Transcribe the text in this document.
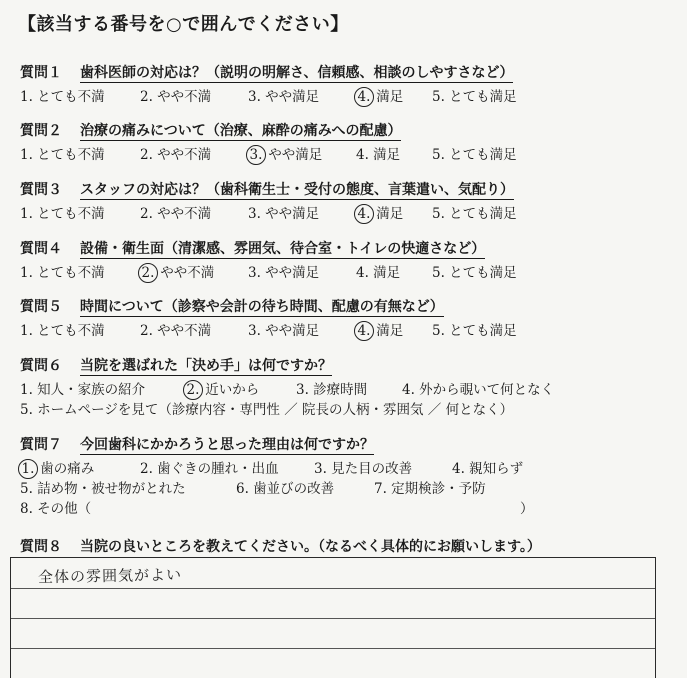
【該当する番号を○で囲んでください】
質問１ 歯科医師の対応は？（説明の明解さ、信頼感、相談のしやすさなど）
1. とても不満	2. やや不満	3. やや満足	4. 満足 5. とても満足
質問２ 治療の痛みについて（治療、麻酔の痛みへの配慮）
1. とても不満	2. やや不満	3. やや満足 4. 満足 5. とても満足
質問３ スタッフの対応は？（歯科衛生士・受付の態度、言葉遣い、気配り）
1. とても不満	2. やや不満	3. やや満足	4. 満足 5. とても満足
質問４ 設備・衛生面（清潔感、雰囲気、待合室・トイレの快適さなど）
1. とても不満	2. やや不満 3. やや満足	4. 満足 5. とても満足
質問５ 時間について（診察や会計の待ち時間、配慮の有無など）
1. とても不満	2. やや不満	3. やや満足	4. 満足 5. とても満足
質問６ 当院を選ばれた「決め手」は何ですか？
1. 知人・家族の紹介	2. 近いから	3. 診療時間	4. 外から覗いて何となく
5. ホームページを見て（診療内容・専門性 ／ 院長の人柄・雰囲気 ／ 何となく）
質問７ 今回歯科にかかろうと思った理由は何ですか？
1. 歯の痛み	2. 歯ぐきの腫れ・出血	3. 見た目の改善	4. 親知らず
5. 詰め物・被せ物がとれた	6. 歯並びの改善	7. 定期検診・予防
8. その他（	）
質問８ 当院の良いところを教えてください。（なるべく具体的にお願いします。）
全体の雰囲気がよい
